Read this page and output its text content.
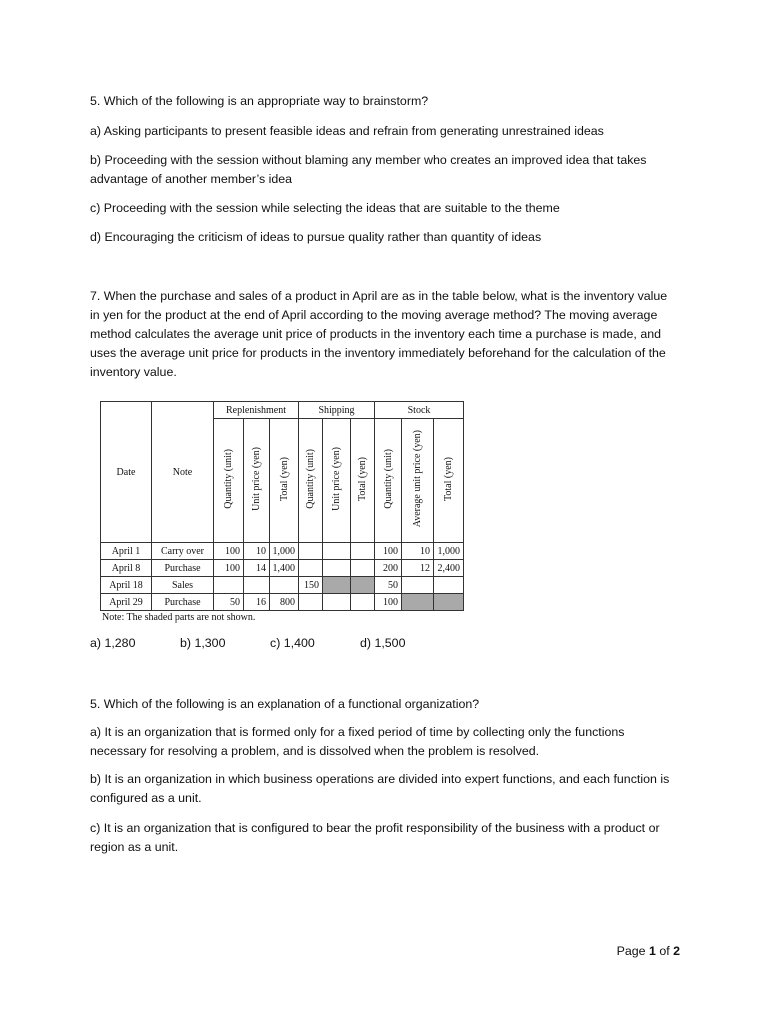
5. Which of the following is an appropriate way to brainstorm?

a) Asking participants to present feasible ideas and refrain from generating unrestrained ideas

b) Proceeding with the session without blaming any member who creates an improved idea that takes advantage of another member’s idea

c) Proceeding with the session while selecting the ideas that are suitable to the theme

d) Encouraging the criticism of ideas to pursue quality rather than quantity of ideas

7. When the purchase and sales of a product in April are as in the table below, what is the inventory value in yen for the product at the end of April according to the moving average method? The moving average method calculates the average unit price of products in the inventory each time a purchase is made, and uses the average unit price for products in the inventory immediately beforehand for the calculation of the inventory value.

Date	Note	Replenishment			Shipping			Stock		
		Quantity (unit)	Unit price (yen)	Total (yen)	Quantity (unit)	Unit price (yen)	Total (yen)	Quantity (unit)	Average unit price (yen)	Total (yen)
April 1	Carry over	100	10	1,000				100	10	1,000
April 8	Purchase	100	14	1,400				200	12	2,400
April 18	Sales				150			50		
April 29	Purchase	50	16	800				100		
Note: The shaded parts are not shown.
a) 1,280	b) 1,300	c) 1,400	d) 1,500

5. Which of the following is an explanation of a functional organization?

a) It is an organization that is formed only for a fixed period of time by collecting only the functions necessary for resolving a problem, and is dissolved when the problem is resolved.

b) It is an organization in which business operations are divided into expert functions, and each function is configured as a unit.

c) It is an organization that is configured to bear the profit responsibility of the business with a product or region as a unit.

Page 1 of 2
